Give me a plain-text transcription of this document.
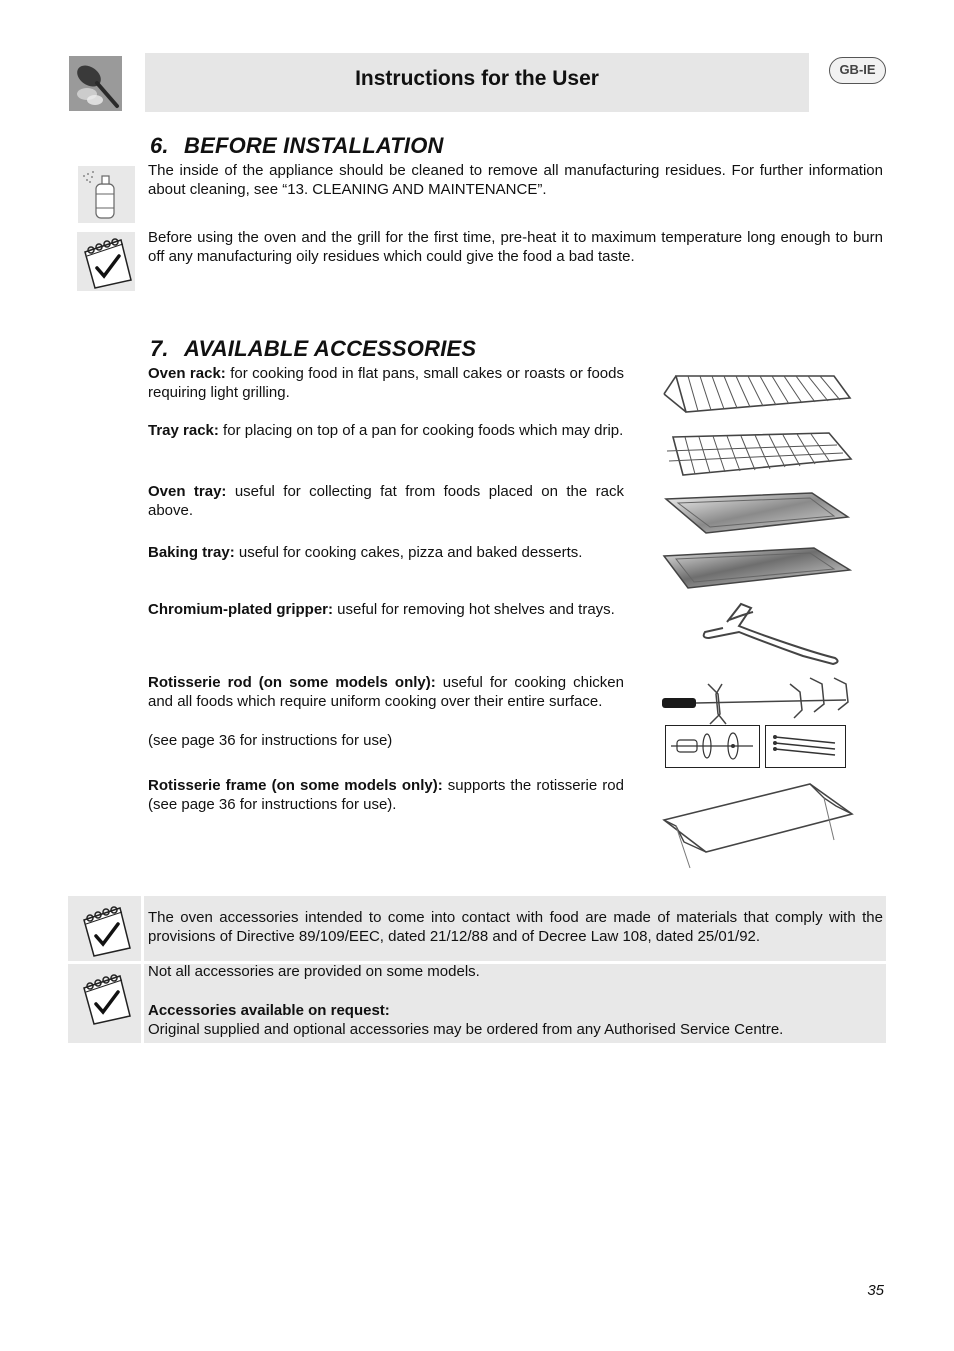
Instructions for the User	GB-IE
6. BEFORE INSTALLATION
The inside of the appliance should be cleaned to remove all manufacturing residues. For further information about cleaning, see “13. CLEANING AND MAINTENANCE”.
Before using the oven and the grill for the first time, pre-heat it to maximum temperature long enough to burn off any manufacturing oily residues which could give the food a bad taste.
7. AVAILABLE ACCESSORIES
Oven rack: for cooking food in flat pans, small cakes or roasts or foods requiring light grilling.
Tray rack: for placing on top of a pan for cooking foods which may drip.
Oven tray: useful for collecting fat from foods placed on the rack above.
Baking tray: useful for cooking cakes, pizza and baked desserts.
Chromium-plated gripper: useful for removing hot shelves and trays.
Rotisserie rod (on some models only): useful for cooking chicken and all foods which require uniform cooking over their entire surface.
(see page 36 for instructions for use)
Rotisserie frame (on some models only): supports the rotisserie rod (see page 36 for instructions for use).
The oven accessories intended to come into contact with food are made of materials that comply with the provisions of Directive 89/109/EEC, dated 21/12/88 and of Decree Law 108, dated 25/01/92.
Not all accessories are provided on some models.
Accessories available on request:
Original supplied and optional accessories may be ordered from any Authorised Service Centre.
35
